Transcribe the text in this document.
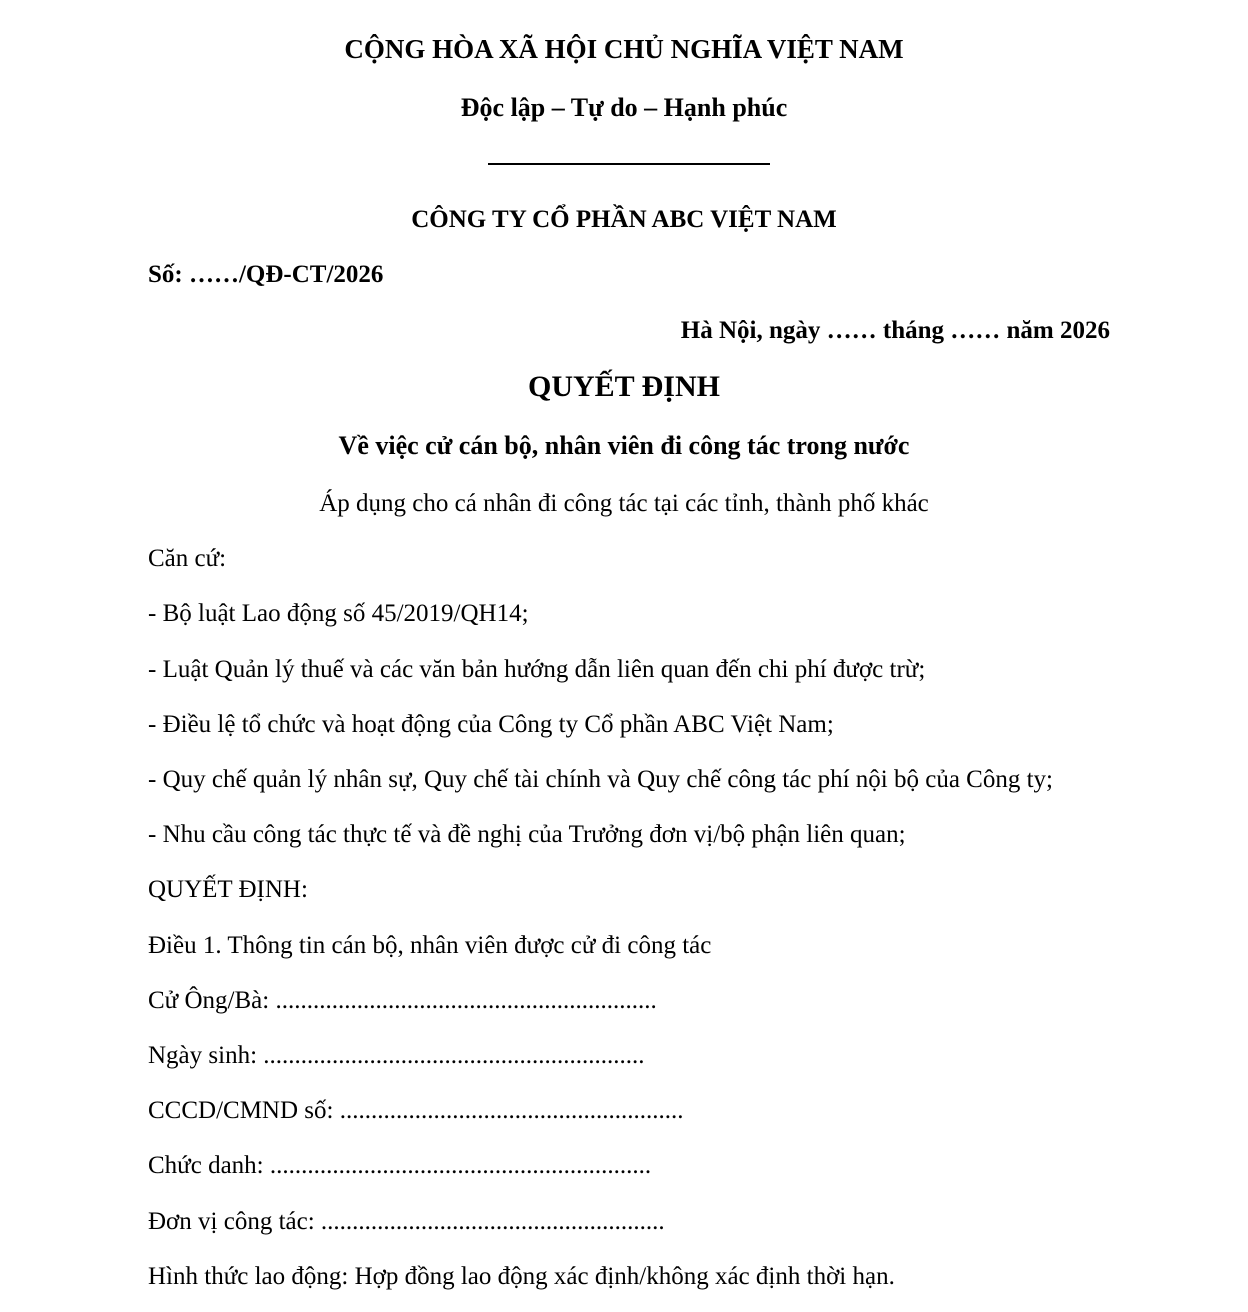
CỘNG HÒA XÃ HỘI CHỦ NGHĨA VIỆT NAM
Độc lập – Tự do – Hạnh phúc
CÔNG TY CỔ PHẦN ABC VIỆT NAM
Số: ……/QĐ-CT/2026
Hà Nội, ngày …… tháng …… năm 2026
QUYẾT ĐỊNH
Về việc cử cán bộ, nhân viên đi công tác trong nước
Áp dụng cho cá nhân đi công tác tại các tỉnh, thành phố khác
Căn cứ:
- Bộ luật Lao động số 45/2019/QH14;
- Luật Quản lý thuế và các văn bản hướng dẫn liên quan đến chi phí được trừ;
- Điều lệ tổ chức và hoạt động của Công ty Cổ phần ABC Việt Nam;
- Quy chế quản lý nhân sự, Quy chế tài chính và Quy chế công tác phí nội bộ của Công ty;
- Nhu cầu công tác thực tế và đề nghị của Trưởng đơn vị/bộ phận liên quan;
QUYẾT ĐỊNH:
Điều 1. Thông tin cán bộ, nhân viên được cử đi công tác
Cử Ông/Bà: .............................................................
Ngày sinh: .............................................................
CCCD/CMND số: .......................................................
Chức danh: .............................................................
Đơn vị công tác: .......................................................
Hình thức lao động: Hợp đồng lao động xác định/không xác định thời hạn.
